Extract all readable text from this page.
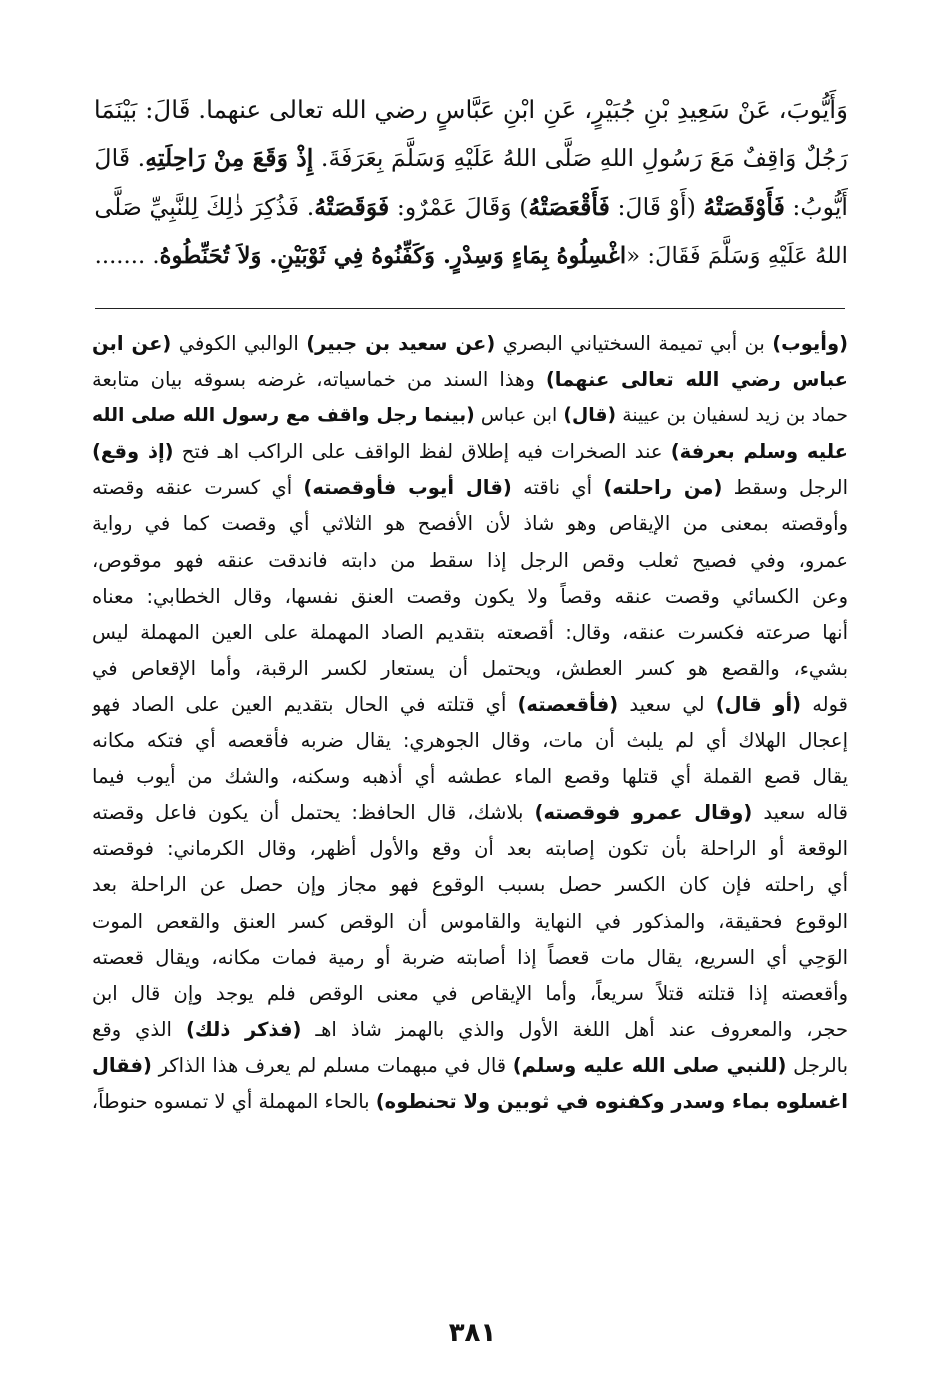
وَأَيُّوبَ، عَنْ سَعِيدِ بْنِ جُبَيْرٍ، عَنِ ابْنِ عَبَّاسٍ رضي الله تعالى عنهما. قَالَ: بَيْنَمَا
رَجُلٌ وَاقِفٌ مَعَ رَسُولِ اللهِ صَلَّى اللهُ عَلَيْهِ وَسَلَّمَ بِعَرَفَةَ. إِذْ وَقَعَ مِنْ رَاحِلَتِهِ. قَالَ
أَيُّوبُ: فَأَوْقَصَتْهُ (أَوْ قَالَ: فَأَقْعَصَتْهُ) وَقَالَ عَمْرٌو: فَوَقَصَتْهُ. فَذُكِرَ ذٰلِكَ لِلنَّبِيِّ صَلَّى
اللهُ عَلَيْهِ وَسَلَّمَ فَقَالَ: «اغْسِلُوهُ بِمَاءٍ وَسِدْرٍ. وَكَفِّنُوهُ فِي ثَوْبَيْنِ. وَلاَ تُحَنِّطُوهُ. .......
(وأيوب) بن أبي تميمة السختياني البصري (عن سعيد بن جبير) الوالبي الكوفي (عن ابن
عباس رضي الله تعالى عنهما) وهذا السند من خماسياته، غرضه بسوقه بيان متابعة
حماد بن زيد لسفيان بن عيينة (قال) ابن عباس (بينما رجل واقف مع رسول الله صلى الله
عليه وسلم بعرفة) عند الصخرات فيه إطلاق لفظ الواقف على الراكب اهـ فتح (إذ وقع)
الرجل وسقط (من راحلته) أي ناقته (قال أيوب فأوقصته) أي كسرت عنقه وقصته
وأوقصته بمعنى من الإيقاص وهو شاذ لأن الأفصح هو الثلاثي أي وقصت كما في رواية
عمرو، وفي فصيح ثعلب وقص الرجل إذا سقط من دابته فاندقت عنقه فهو موقوص،
وعن الكسائي وقصت عنقه وقصاً ولا يكون وقصت العنق نفسها، وقال الخطابي: معناه
أنها صرعته فكسرت عنقه، وقال: أقصعته بتقديم الصاد المهملة على العين المهملة ليس
بشيء، والقصع هو كسر العطش، ويحتمل أن يستعار لكسر الرقبة، وأما الإقعاص في
قوله (أو قال) لي سعيد (فأقعصته) أي قتلته في الحال بتقديم العين على الصاد فهو
إعجال الهلاك أي لم يلبث أن مات، وقال الجوهري: يقال ضربه فأقعصه أي فتكه مكانه
يقال قصع القملة أي قتلها وقصع الماء عطشه أي أذهبه وسكنه، والشك من أيوب فيما
قاله سعيد (وقال عمرو فوقصته) بلاشك، قال الحافظ: يحتمل أن يكون فاعل وقصته
الوقعة أو الراحلة بأن تكون إصابته بعد أن وقع والأول أظهر، وقال الكرماني: فوقصته
أي راحلته فإن كان الكسر حصل بسبب الوقوع فهو مجاز وإن حصل عن الراحلة بعد
الوقوع فحقيقة، والمذكور في النهاية والقاموس أن الوقص كسر العنق والقعص الموت
الوَحِي أي السريع، يقال مات قعصاً إذا أصابته ضربة أو رمية فمات مكانه، ويقال قعصته
وأقعصته إذا قتلته قتلاً سريعاً، وأما الإيقاص في معنى الوقص فلم يوجد وإن قال ابن
حجر، والمعروف عند أهل اللغة الأول والذي بالهمز شاذ اهـ (فذكر ذلك) الذي وقع
بالرجل (للنبي صلى الله عليه وسلم) قال في مبهمات مسلم لم يعرف هذا الذاكر (فقال
اغسلوه بماء وسدر وكفنوه في ثوبين ولا تحنطوه) بالحاء المهملة أي لا تمسوه حنوطاً،
٣٨١
